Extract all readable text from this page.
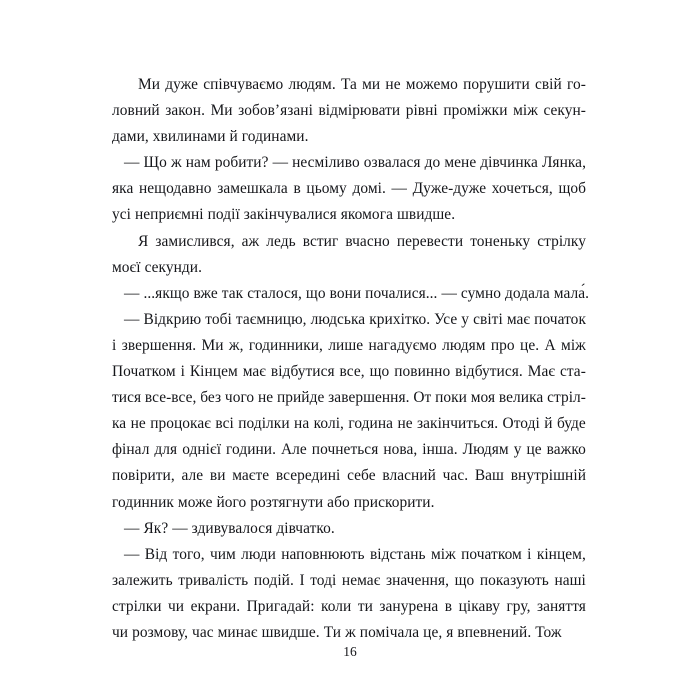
Ми дуже співчуваємо людям. Та ми не можемо порушити свій го-
ловний закон. Ми зобов’язані відмірювати рівні проміжки між секун-
дами, хвилинами й годинами.
— Що ж нам робити? — несміливо озвалася до мене дівчинка Лянка,
яка нещодавно замешкала в цьому домі. — Дуже-дуже хочеться, щоб
усі неприємні події закінчувалися якомога швидше.
Я замислився, аж ледь встиг вчасно перевести тоненьку стрілку
моєї секунди.
— ...якщо вже так сталося, що вони почалися... — сумно додала мала́.
— Відкрию тобі таємницю, людська крихітко. Усе у світі має початок
і звершення. Ми ж, годинники, лише нагадуємо людям про це. А між
Початком і Кінцем має відбутися все, що повинно відбутися. Має ста-
тися все-все, без чого не прийде завершення. От поки моя велика стріл-
ка не процокає всі поділки на колі, година не закінчиться. Отоді й буде
фінал для однієї години. Але почнеться нова, інша. Людям у це важко
повірити, але ви маєте всередині себе власний час. Ваш внутрішній
годинник може його розтягнути або прискорити.
— Як? — здивувалося дівчатко.
— Від того, чим люди наповнюють відстань між початком і кінцем,
залежить тривалість подій. І тоді немає значення, що показують наші
стрілки чи екрани. Пригадай: коли ти занурена в цікаву гру, заняття
чи розмову, час минає швидше. Ти ж помічала це, я впевнений. Тож
16
